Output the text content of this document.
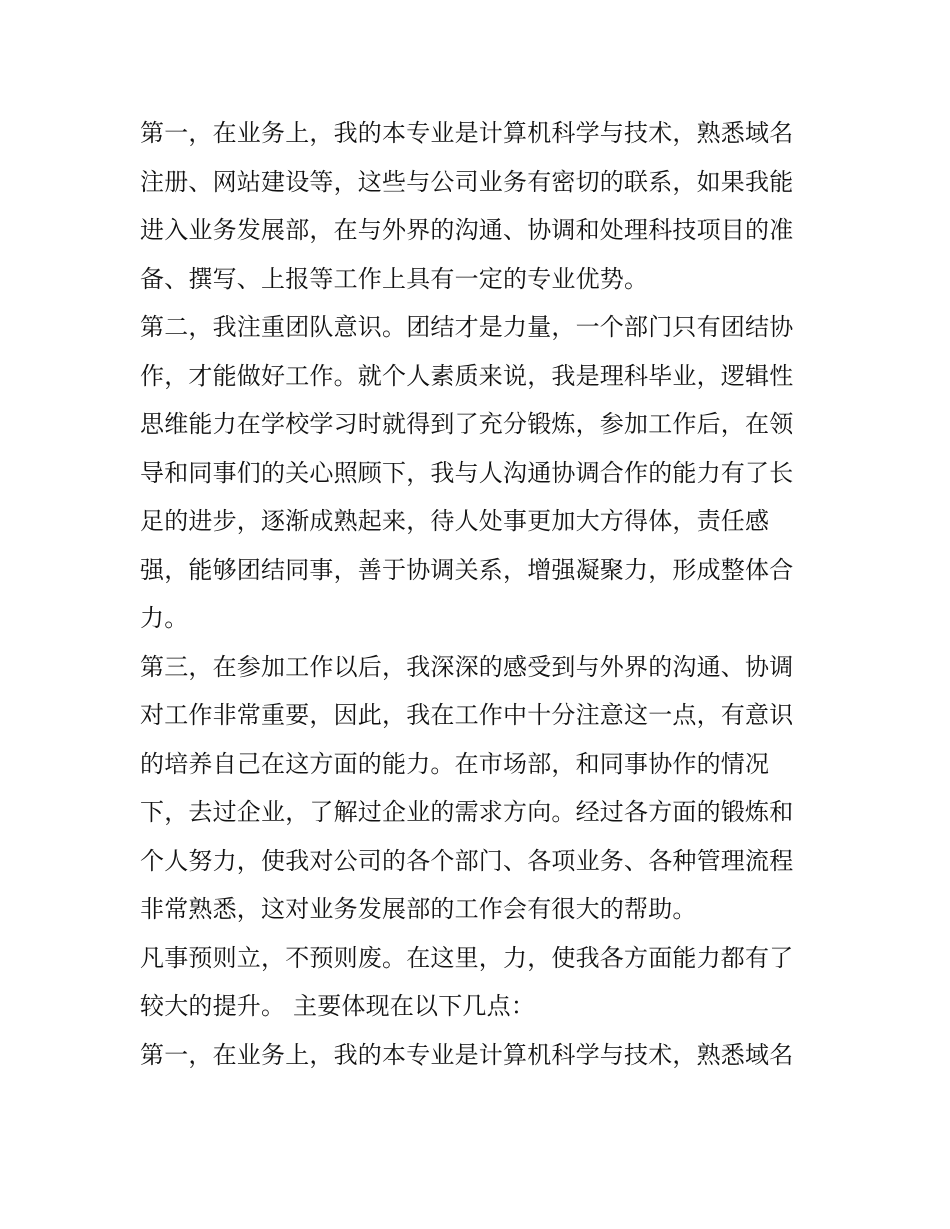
第一，在业务上，我的本专业是计算机科学与技术，熟悉域名
注册、网站建设等，这些与公司业务有密切的联系，如果我能
进入业务发展部，在与外界的沟通、协调和处理科技项目的准
备、撰写、上报等工作上具有一定的专业优势。
第二，我注重团队意识。团结才是力量，一个部门只有团结协
作，才能做好工作。就个人素质来说，我是理科毕业，逻辑性
思维能力在学校学习时就得到了充分锻炼，参加工作后，在领
导和同事们的关心照顾下，我与人沟通协调合作的能力有了长
足的进步，逐渐成熟起来，待人处事更加大方得体，责任感
强，能够团结同事，善于协调关系，增强凝聚力，形成整体合
力。
第三，在参加工作以后，我深深的感受到与外界的沟通、协调
对工作非常重要，因此，我在工作中十分注意这一点，有意识
的培养自己在这方面的能力。在市场部，和同事协作的情况
下，去过企业，了解过企业的需求方向。经过各方面的锻炼和
个人努力，使我对公司的各个部门、各项业务、各种管理流程
非常熟悉，这对业务发展部的工作会有很大的帮助。
凡事预则立，不预则废。在这里，力，使我各方面能力都有了
较大的提升。 主要体现在以下几点：
第一，在业务上，我的本专业是计算机科学与技术，熟悉域名
